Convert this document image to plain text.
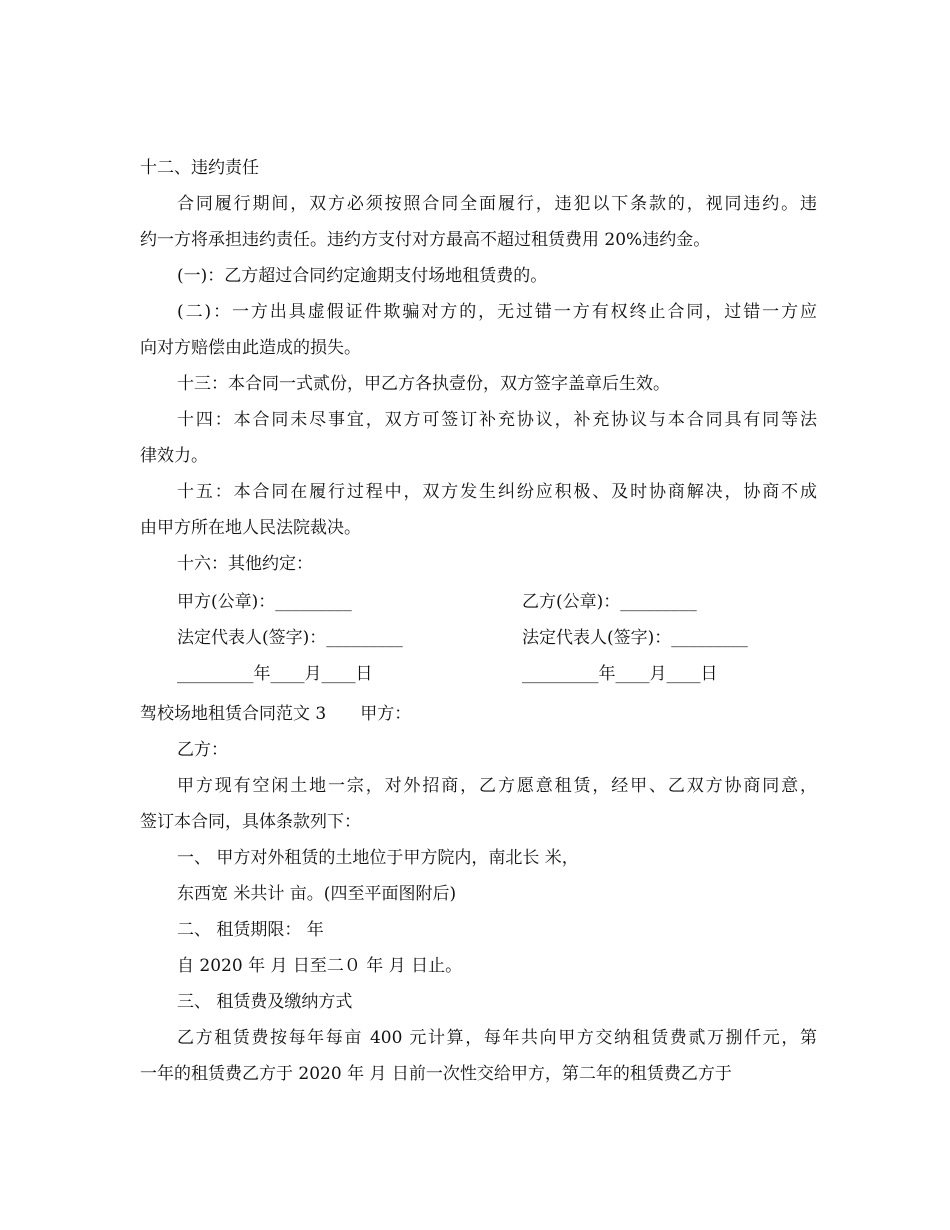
十二、违约责任
合同履行期间，双方必须按照合同全面履行，违犯以下条款的，视同违约。违
约一方将承担违约责任。违约方支付对方最高不超过租赁费用 20%违约金。
(一)：乙方超过合同约定逾期支付场地租赁费的。
(二)：一方出具虚假证件欺骗对方的，无过错一方有权终止合同，过错一方应
向对方赔偿由此造成的损失。
十三：本合同一式贰份，甲乙方各执壹份，双方签字盖章后生效。
十四：本合同未尽事宜，双方可签订补充协议，补充协议与本合同具有同等法
律效力。
十五：本合同在履行过程中，双方发生纠纷应积极、及时协商解决，协商不成
由甲方所在地人民法院裁决。
十六：其他约定：
甲方(公章)：_________	乙方(公章)：_________
法定代表人(签字)：_________	法定代表人(签字)：_________
_________年____月____日	_________年____月____日
驾校场地租赁合同范文 3　　甲方：
乙方：
甲方现有空闲土地一宗，对外招商，乙方愿意租赁，经甲、乙双方协商同意，
签订本合同，具体条款列下：
一、 甲方对外租赁的土地位于甲方院内，南北长 米，
东西宽 米共计 亩。(四至平面图附后)
二、 租赁期限： 年
自 2020 年 月 日至二０ 年 月 日止。
三、 租赁费及缴纳方式
乙方租赁费按每年每亩 400 元计算，每年共向甲方交纳租赁费贰万捌仟元，第
一年的租赁费乙方于 2020 年 月 日前一次性交给甲方，第二年的租赁费乙方于
